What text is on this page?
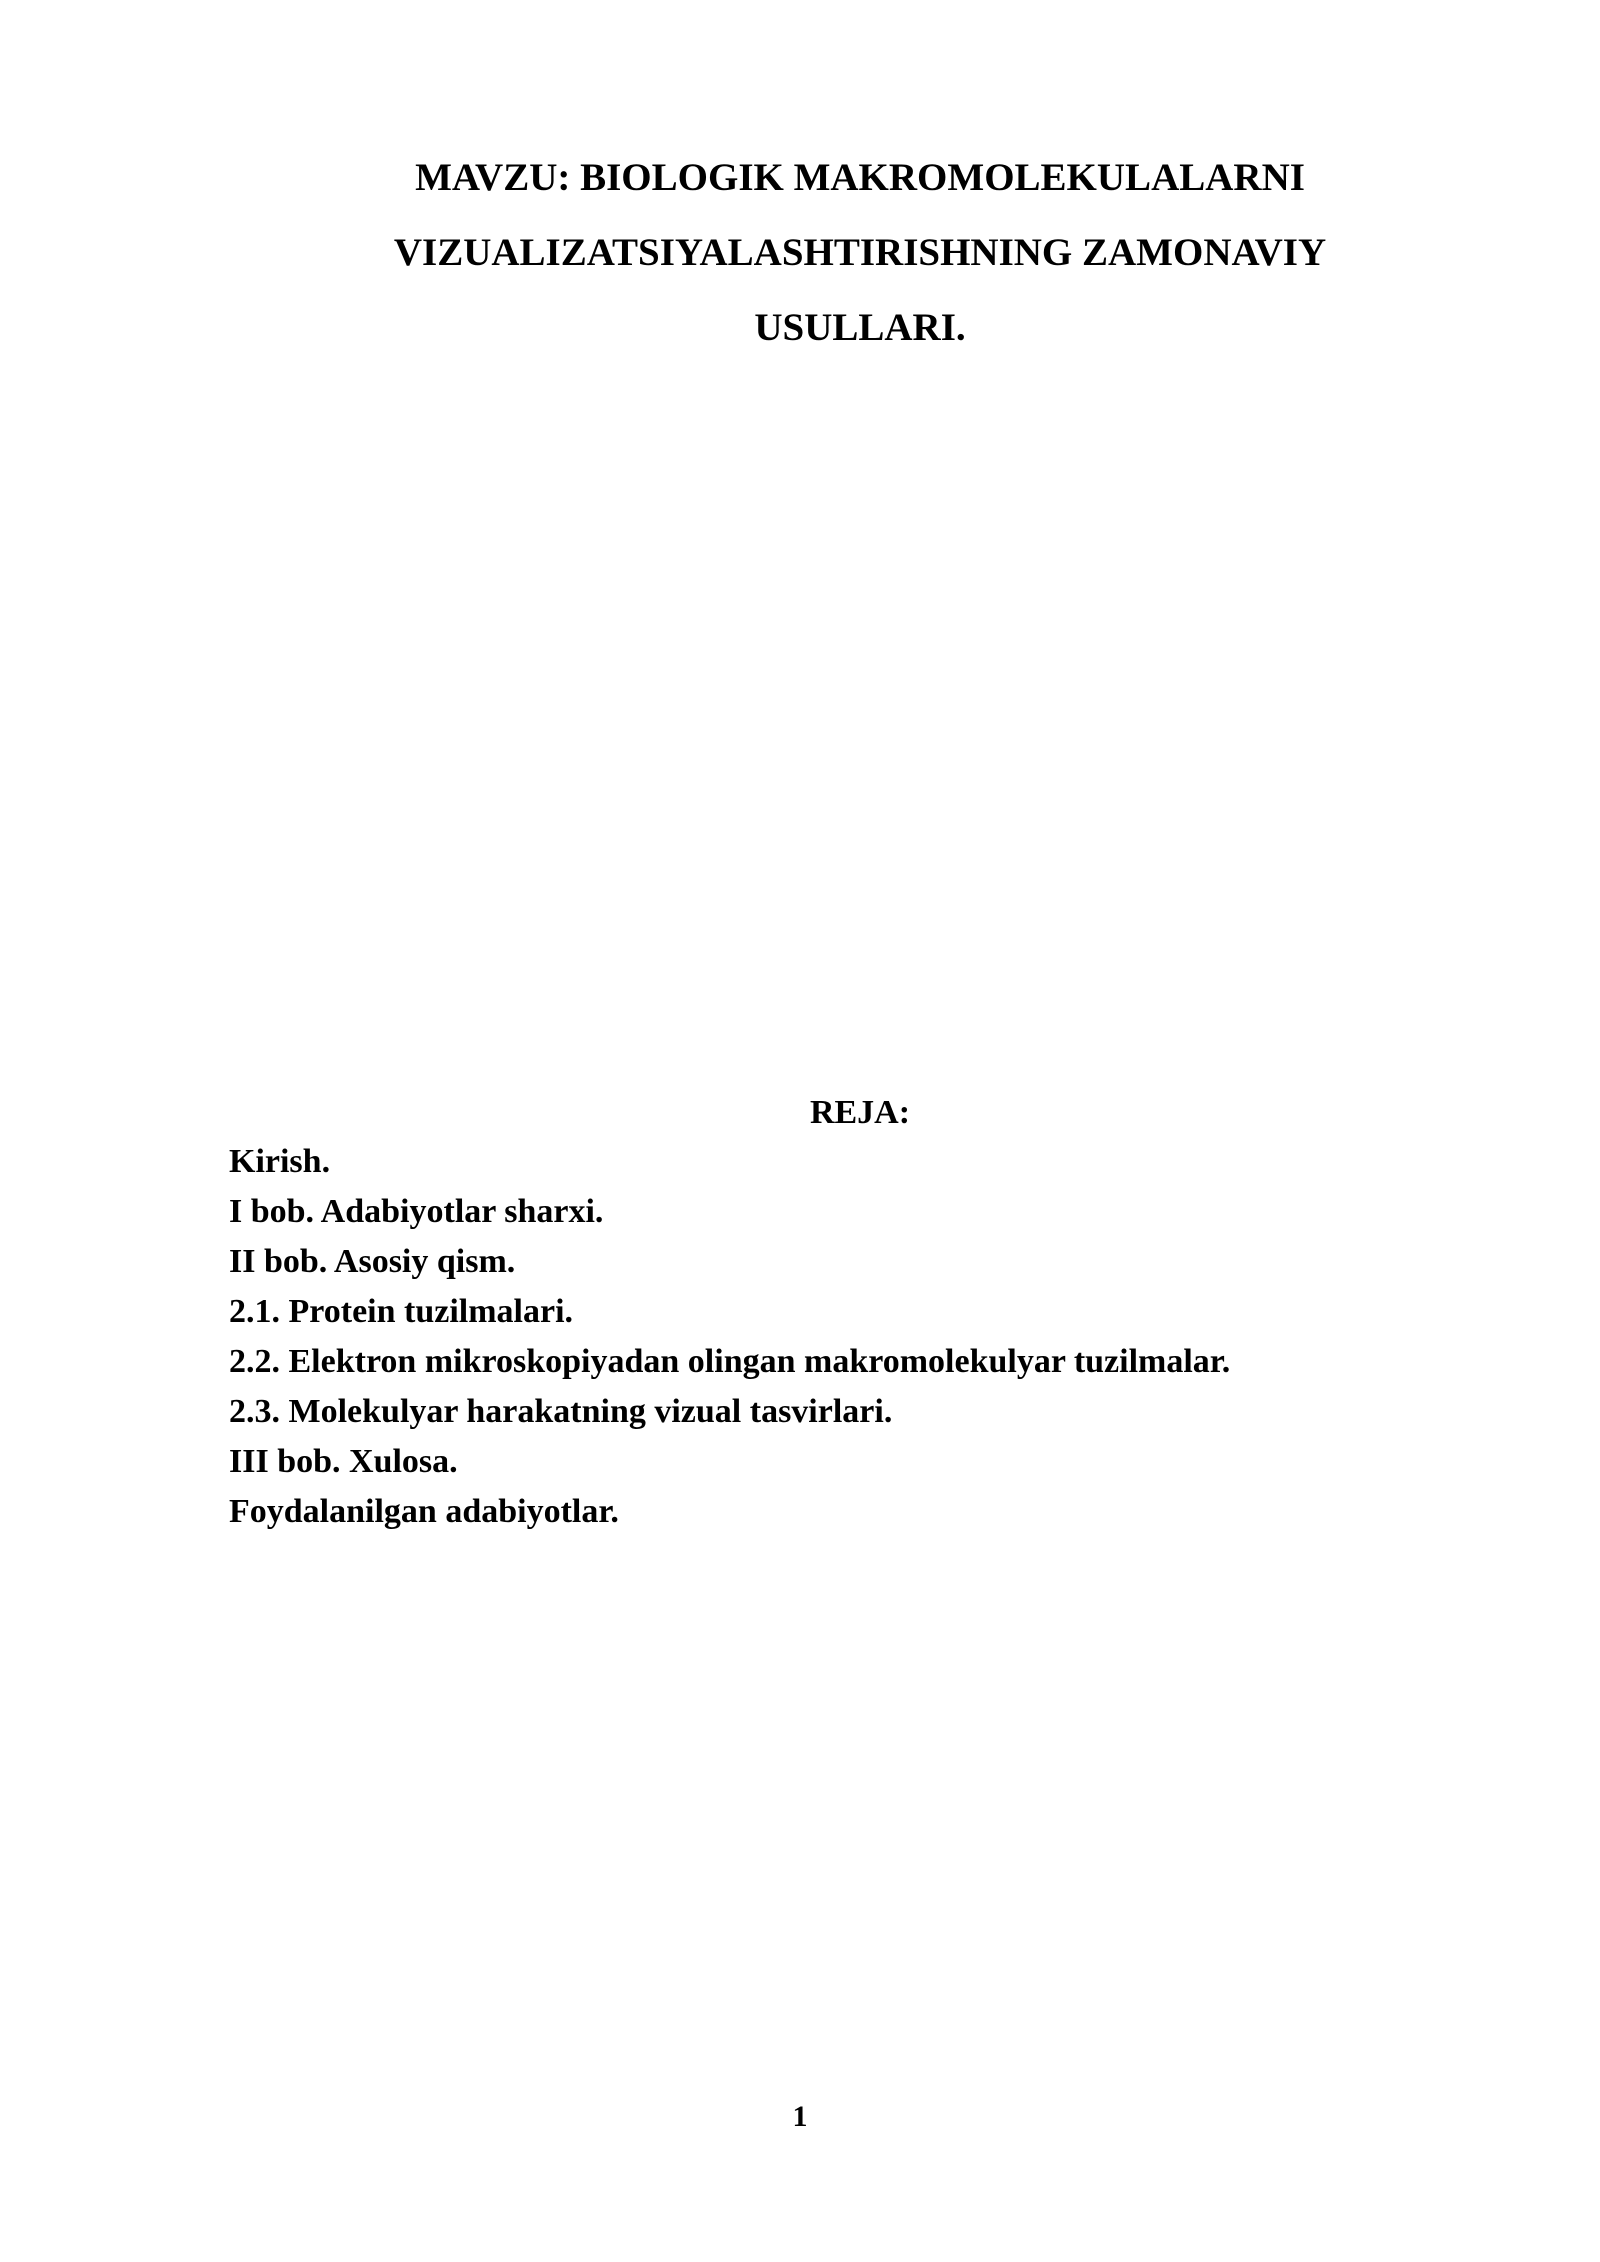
MAVZU: BIOLOGIK MAKROMOLEKULALARNI
VIZUALIZATSIYALASHTIRISHNING ZAMONAVIY
USULLARI.
REJA:
Kirish.
I bob. Adabiyotlar sharxi.
II bob. Asosiy qism.
2.1. Protein tuzilmalari.
2.2. Elektron mikroskopiyadan olingan makromolekulyar tuzilmalar.
2.3. Molekulyar harakatning vizual tasvirlari.
III bob. Xulosa.
Foydalanilgan adabiyotlar.
1
